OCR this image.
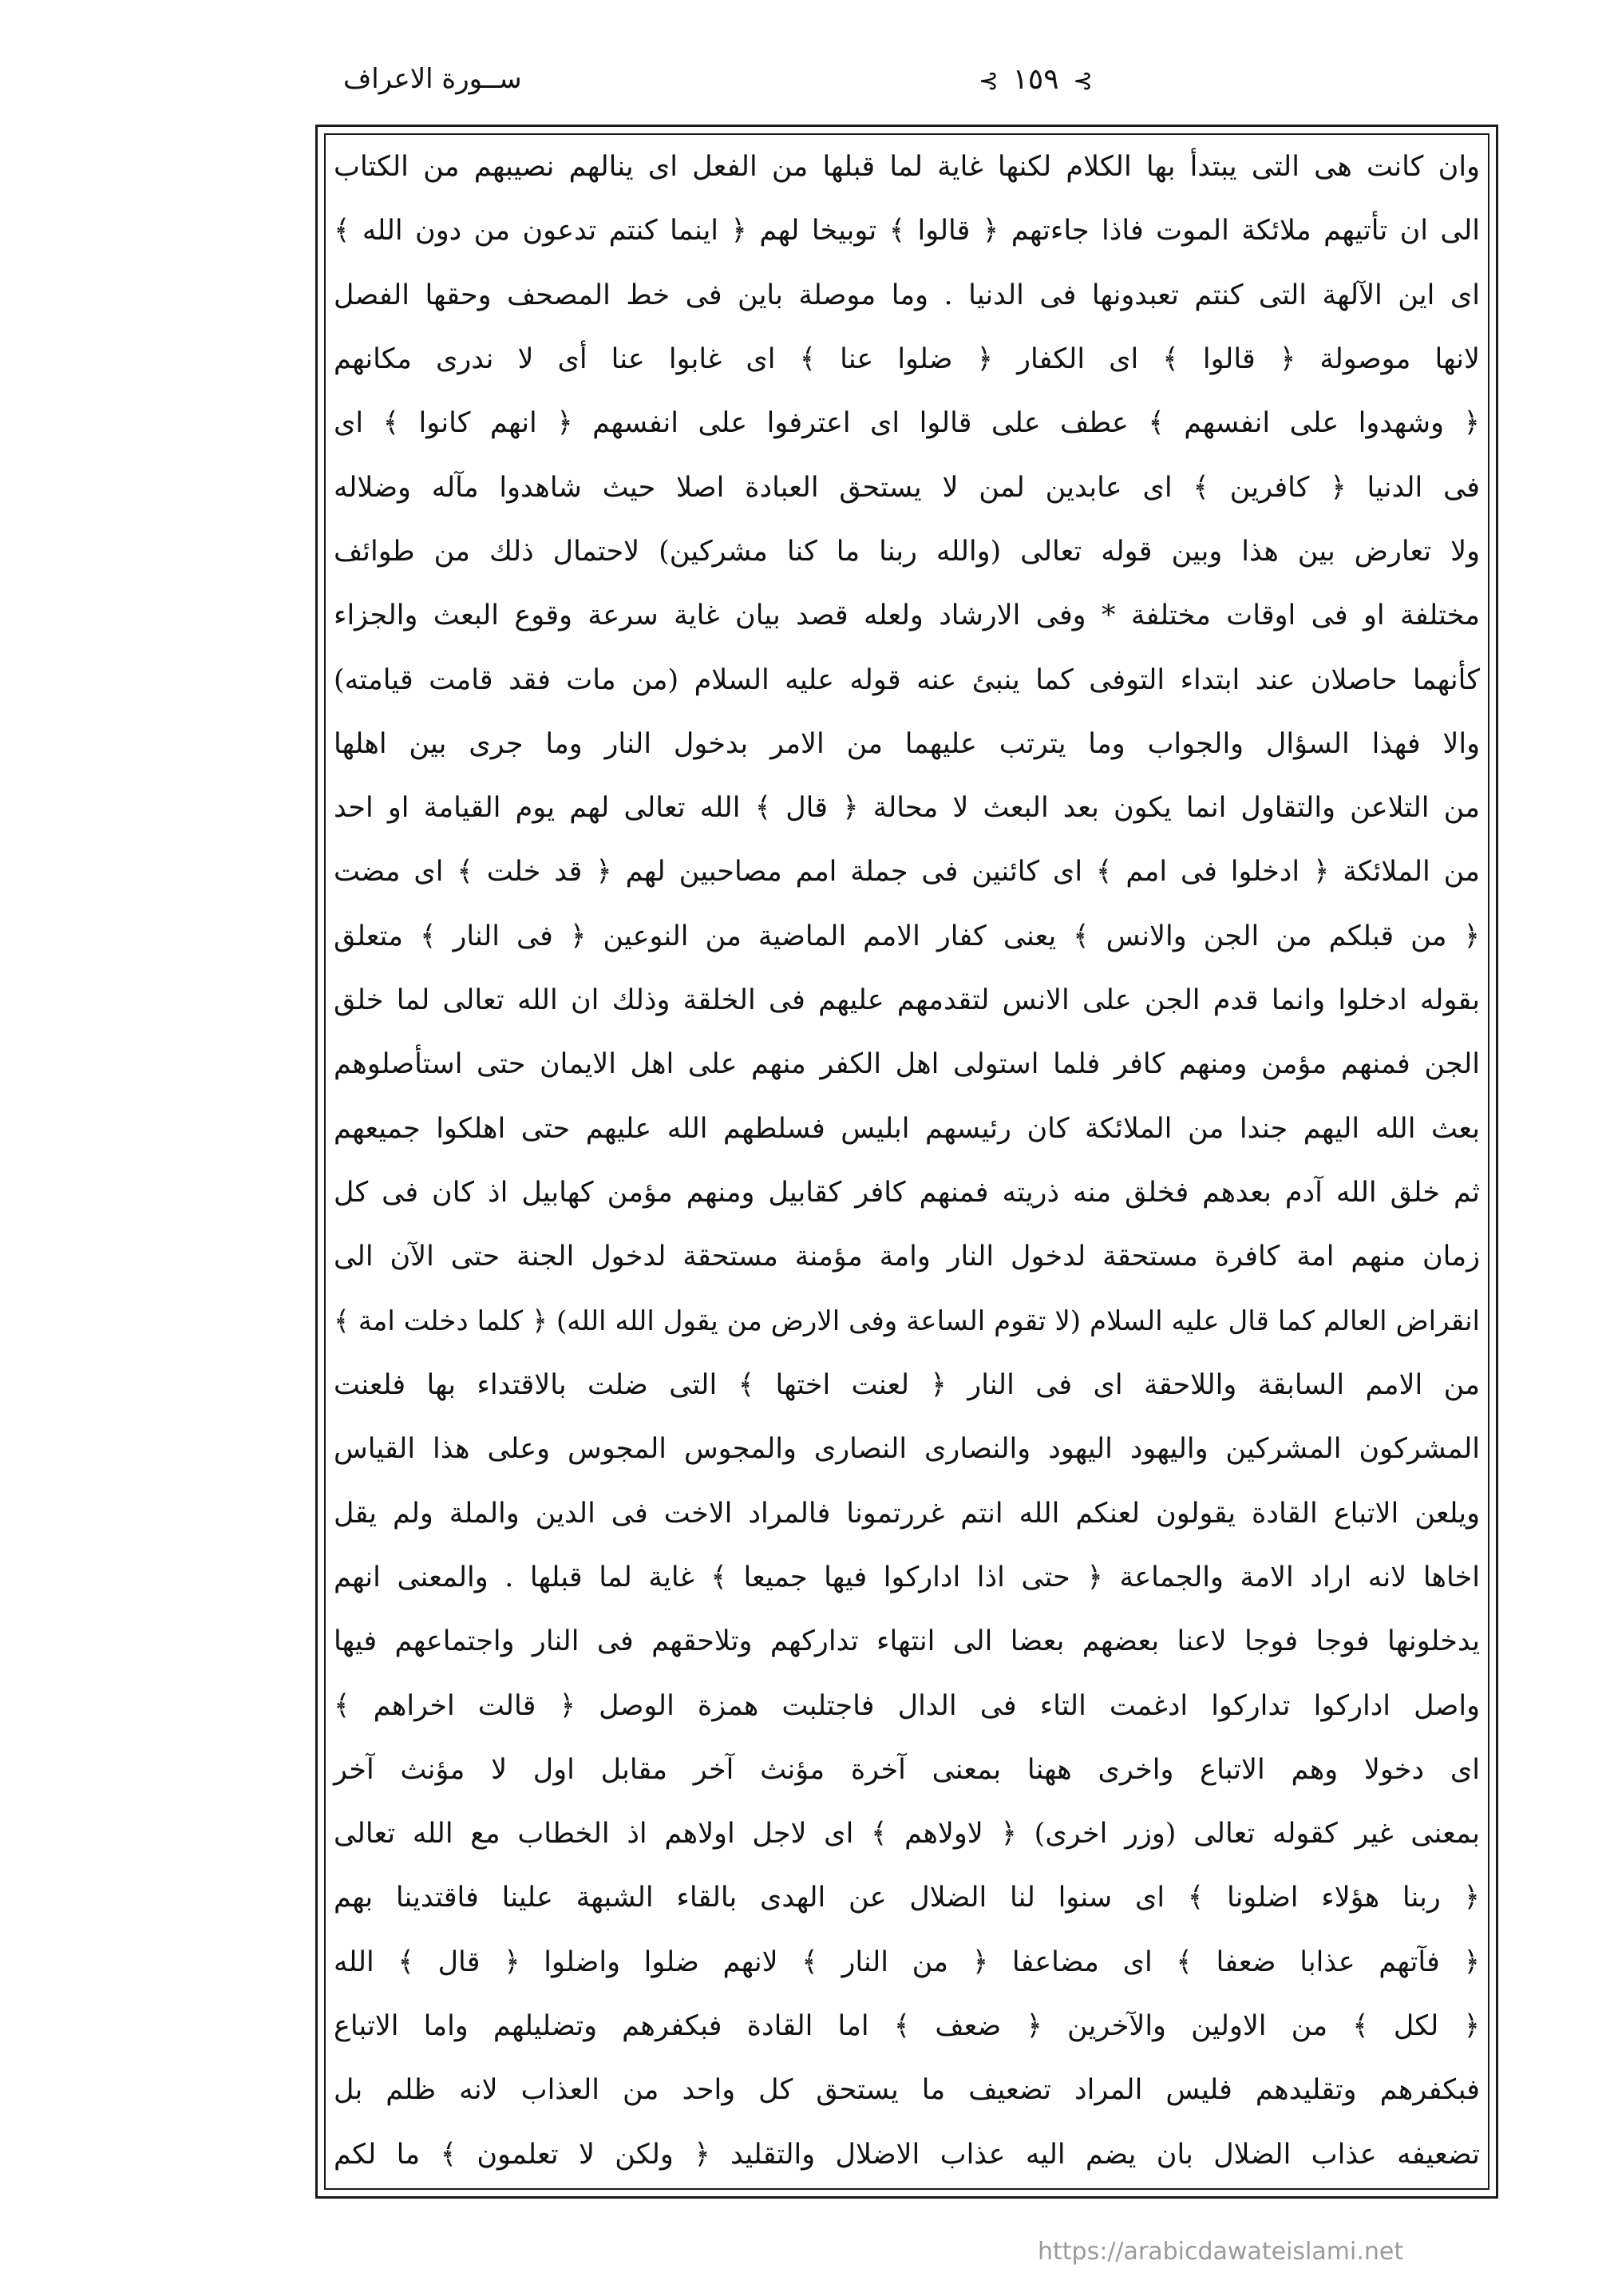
ســورة الاعراف	⊱ ١٥٩ ⊱
وان كانت هى التى يبتدأ بها الكلام لكنها غاية لما قبلها من الفعل اى ينالهم نصيبهم من الكتاب
الى ان تأتيهم ملائكة الموت فاذا جاءتهم ﴿ قالوا ﴾ توبيخا لهم ﴿ اينما كنتم تدعون من دون الله ﴾
اى اين الآلهة التى كنتم تعبدونها فى الدنيا . وما موصلة باين فى خط المصحف وحقها الفصل
لانها موصولة ﴿ قالوا ﴾ اى الكفار ﴿ ضلوا عنا ﴾ اى غابوا عنا أى لا ندرى مكانهم
﴿ وشهدوا على انفسهم ﴾ عطف على قالوا اى اعترفوا على انفسهم ﴿ انهم كانوا ﴾ اى
فى الدنيا ﴿ كافرين ﴾ اى عابدين لمن لا يستحق العبادة اصلا حيث شاهدوا مآله وضلاله
ولا تعارض بين هذا وبين قوله تعالى (والله ربنا ما كنا مشركين) لاحتمال ذلك من طوائف
مختلفة او فى اوقات مختلفة * وفى الارشاد ولعله قصد بيان غاية سرعة وقوع البعث والجزاء
كأنهما حاصلان عند ابتداء التوفى كما ينبئ عنه قوله عليه السلام (من مات فقد قامت قيامته)
والا فهذا السؤال والجواب وما يترتب عليهما من الامر بدخول النار وما جرى بين اهلها
من التلاعن والتقاول انما يكون بعد البعث لا محالة ﴿ قال ﴾ الله تعالى لهم يوم القيامة او احد
من الملائكة ﴿ ادخلوا فى امم ﴾ اى كائنين فى جملة امم مصاحبين لهم ﴿ قد خلت ﴾ اى مضت
﴿ من قبلكم من الجن والانس ﴾ يعنى كفار الامم الماضية من النوعين ﴿ فى النار ﴾ متعلق
بقوله ادخلوا وانما قدم الجن على الانس لتقدمهم عليهم فى الخلقة وذلك ان الله تعالى لما خلق
الجن فمنهم مؤمن ومنهم كافر فلما استولى اهل الكفر منهم على اهل الايمان حتى استأصلوهم
بعث الله اليهم جندا من الملائكة كان رئيسهم ابليس فسلطهم الله عليهم حتى اهلكوا جميعهم
ثم خلق الله آدم بعدهم فخلق منه ذريته فمنهم كافر كقابيل ومنهم مؤمن كهابيل اذ كان فى كل
زمان منهم امة كافرة مستحقة لدخول النار وامة مؤمنة مستحقة لدخول الجنة حتى الآن الى
انقراض العالم كما قال عليه السلام (لا تقوم الساعة وفى الارض من يقول الله الله) ﴿ كلما دخلت امة ﴾
من الامم السابقة واللاحقة اى فى النار ﴿ لعنت اختها ﴾ التى ضلت بالاقتداء بها فلعنت
المشركون المشركين واليهود اليهود والنصارى النصارى والمجوس المجوس وعلى هذا القياس
ويلعن الاتباع القادة يقولون لعنكم الله انتم غررتمونا فالمراد الاخت فى الدين والملة ولم يقل
اخاها لانه اراد الامة والجماعة ﴿ حتى اذا اداركوا فيها جميعا ﴾ غاية لما قبلها . والمعنى انهم
يدخلونها فوجا فوجا لاعنا بعضهم بعضا الى انتهاء تداركهم وتلاحقهم فى النار واجتماعهم فيها
واصل اداركوا تداركوا ادغمت التاء فى الدال فاجتلبت همزة الوصل ﴿ قالت اخراهم ﴾
اى دخولا وهم الاتباع واخرى ههنا بمعنى آخرة مؤنث آخر مقابل اول لا مؤنث آخر
بمعنى غير كقوله تعالى (وزر اخرى) ﴿ لاولاهم ﴾ اى لاجل اولاهم اذ الخطاب مع الله تعالى
﴿ ربنا هؤلاء اضلونا ﴾ اى سنوا لنا الضلال عن الهدى بالقاء الشبهة علينا فاقتدينا بهم
﴿ فآتهم عذابا ضعفا ﴾ اى مضاعفا ﴿ من النار ﴾ لانهم ضلوا واضلوا ﴿ قال ﴾ الله
﴿ لكل ﴾ من الاولين والآخرين ﴿ ضعف ﴾ اما القادة فبكفرهم وتضليلهم واما الاتباع
فبكفرهم وتقليدهم فليس المراد تضعيف ما يستحق كل واحد من العذاب لانه ظلم بل
تضعيفه عذاب الضلال بان يضم اليه عذاب الاضلال والتقليد ﴿ ولكن لا تعلمون ﴾ ما لكم
https://arabicdawateislami.net
